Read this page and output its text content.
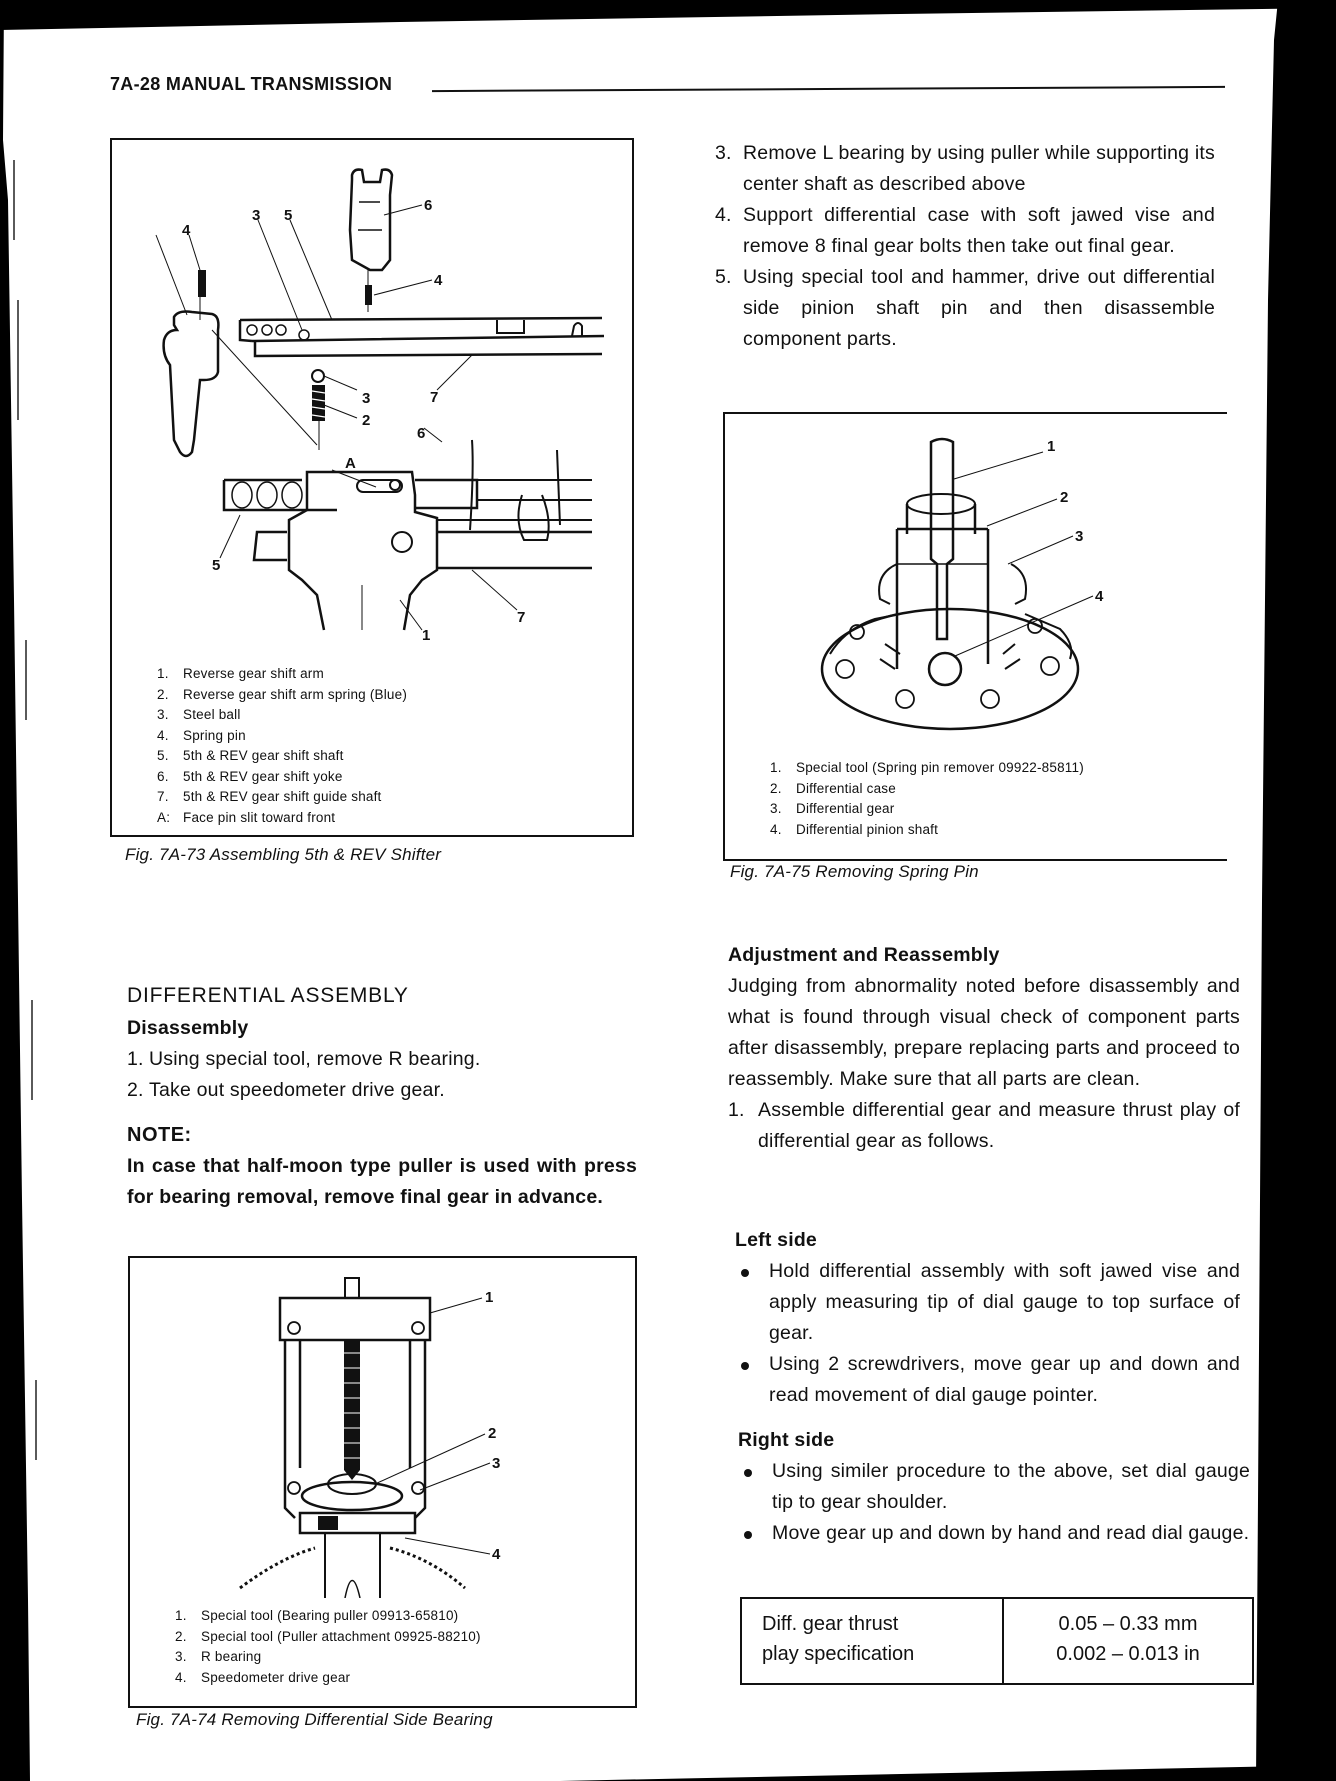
7A-28 MANUAL TRANSMISSION
4
3 5
6
4
7
3
2
6
A
5
1
7
1. Reverse gear shift arm
2. Reverse gear shift arm spring (Blue)
3. Steel ball
4. Spring pin
5. 5th & REV gear shift shaft
6. 5th & REV gear shift yoke
7. 5th & REV gear shift guide shaft
A: Face pin slit toward front
Fig. 7A-73 Assembling 5th & REV Shifter
3. Remove L bearing by using puller while supporting its center shaft as described above
4. Support differential case with soft jawed vise and remove 8 final gear bolts then take out final gear.
5. Using special tool and hammer, drive out differential side pinion shaft pin and then disassemble component parts.
1
2
3
4
1. Special tool (Spring pin remover 09922-85811)
2. Differential case
3. Differential gear
4. Differential pinion shaft
Fig. 7A-75 Removing Spring Pin
DIFFERENTIAL ASSEMBLY
Disassembly
1. Using special tool, remove R bearing.
2. Take out speedometer drive gear.
NOTE:
In case that half-moon type puller is used with press for bearing removal, remove final gear in advance.
1
2
3
4
1. Special tool (Bearing puller 09913-65810)
2. Special tool (Puller attachment 09925-88210)
3. R bearing
4. Speedometer drive gear
Fig. 7A-74 Removing Differential Side Bearing
Adjustment and Reassembly
Judging from abnormality noted before disassembly and what is found through visual check of component parts after disassembly, prepare replacing parts and proceed to reassembly. Make sure that all parts are clean.
1. Assemble differential gear and measure thrust play of differential gear as follows.
Left side
Hold differential assembly with soft jawed vise and apply measuring tip of dial gauge to top surface of gear.
Using 2 screwdrivers, move gear up and down and read movement of dial gauge pointer.
Right side
Using similer procedure to the above, set dial gauge tip to gear shoulder.
Move gear up and down by hand and read dial gauge.
Diff. gear thrust
play specification
0.05 – 0.33 mm
0.002 – 0.013 in
